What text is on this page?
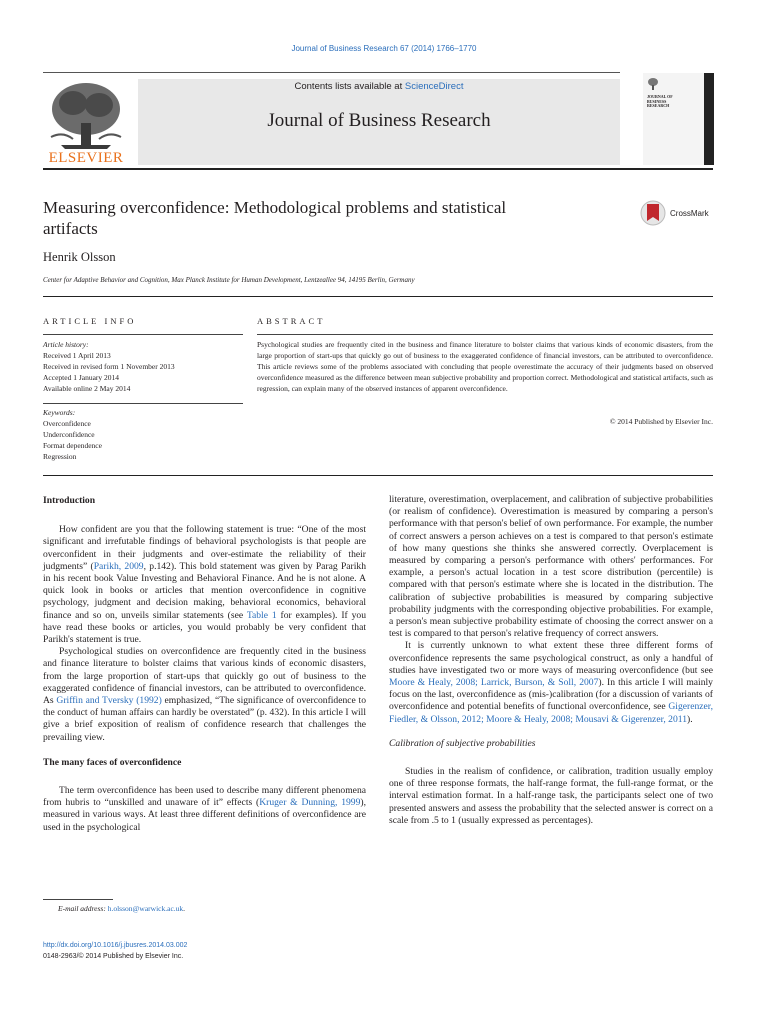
Journal of Business Research 67 (2014) 1766–1770
ELSEVIER
Contents lists available at ScienceDirect
Journal of Business Research
JOURNAL OF BUSINESS RESEARCH
Measuring overconfidence: Methodological problems and statistical artifacts
CrossMark
Henrik Olsson
Center for Adaptive Behavior and Cognition, Max Planck Institute for Human Development, Lentzeallee 94, 14195 Berlin, Germany
ARTICLE INFO	ABSTRACT
Article history:
Received 1 April 2013
Received in revised form 1 November 2013
Accepted 1 January 2014
Available online 2 May 2014
Keywords:
Overconfidence
Underconfidence
Format dependence
Regression
Psychological studies are frequently cited in the business and finance literature to bolster claims that various kinds of economic disasters, from the large proportion of start-ups that quickly go out of business to the exaggerated confidence of financial investors, can be attributed to overconfidence. This article reviews some of the problems associated with concluding that people overestimate the accuracy of their judgments based on observed overconfidence measured as the difference between mean subjective probability and proportion correct. Methodological and statistical artifacts, such as regression, can explain many of the observed instances of apparent overconfidence.
© 2014 Published by Elsevier Inc.
Introduction

How confident are you that the following statement is true: “One of the most significant and irrefutable findings of behavioral psychologists is that people are overconfident in their judgments and over-estimate the reliability of their judgments” (Parikh, 2009, p.142). This bold statement was given by Parag Parikh in his recent book Value Investing and Behavioral Finance. And he is not alone. A quick look in books or articles that mention overconfidence in cognitive psychology, judgment and decision making, behavioral economics, behavioral finance and so on, unveils similar statements (see Table 1 for examples). If you have read these books or articles, you would probably be very confident that Parikh's statement is true.

Psychological studies on overconfidence are frequently cited in the business and finance literature to bolster claims that various kinds of economic disasters, from the large proportion of start-ups that quickly go out of business to the exaggerated confidence of financial investors, can be attributed to overconfidence. As Griffin and Tversky (1992) emphasized, “The significance of overconfidence to the conduct of human affairs can hardly be overstated” (p. 432). In this article I will give a brief exposition of realism of confidence research that challenges the prevailing view.

The many faces of overconfidence

The term overconfidence has been used to describe many different phenomena from hubris to “unskilled and unaware of it” effects (Kruger & Dunning, 1999), measured in various ways. At least three different definitions of overconfidence are used in the psychological

literature, overestimation, overplacement, and calibration of subjective probabilities (or realism of confidence). Overestimation is measured by comparing a person's performance with that person's belief of own performance. For example, the number of correct answers a person achieves on a test is compared to that person's estimate of how many questions she thinks she answered correctly. Overplacement is measured by comparing a person's performance with others' performances. For example, a person's actual location in a test score distribution (percentile) is compared with that person's estimate where she is located in the distribution. The calibration of subjective probabilities is measured by comparing subjective probability judgments with the corresponding objective probabilities. For example, a person's mean subjective probability estimate of choosing the correct answer on a test is compared to that person's relative frequency of correct answers.

It is currently unknown to what extent these three different forms of overconfidence represents the same psychological construct, as only a handful of studies have investigated two or more ways of measuring overconfidence (but see Moore & Healy, 2008; Larrick, Burson, & Soll, 2007). In this article I will mainly focus on the last, overconfidence as (mis-)calibration (for a discussion of variants of overconfidence and potential benefits of functional overconfidence, see Gigerenzer, Fiedler, & Olsson, 2012; Moore & Healy, 2008; Mousavi & Gigerenzer, 2011).

Calibration of subjective probabilities

Studies in the realism of confidence, or calibration, tradition usually employ one of three response formats, the half-range format, the full-range format, or the interval estimation format. In a half-range task, the participants select one of two presented answers and assess the probability that the selected answer is correct on a scale from .5 to 1 (usually expressed as percentages).

E-mail address: h.olsson@warwick.ac.uk.
http://dx.doi.org/10.1016/j.jbusres.2014.03.002
0148-2963/© 2014 Published by Elsevier Inc.
